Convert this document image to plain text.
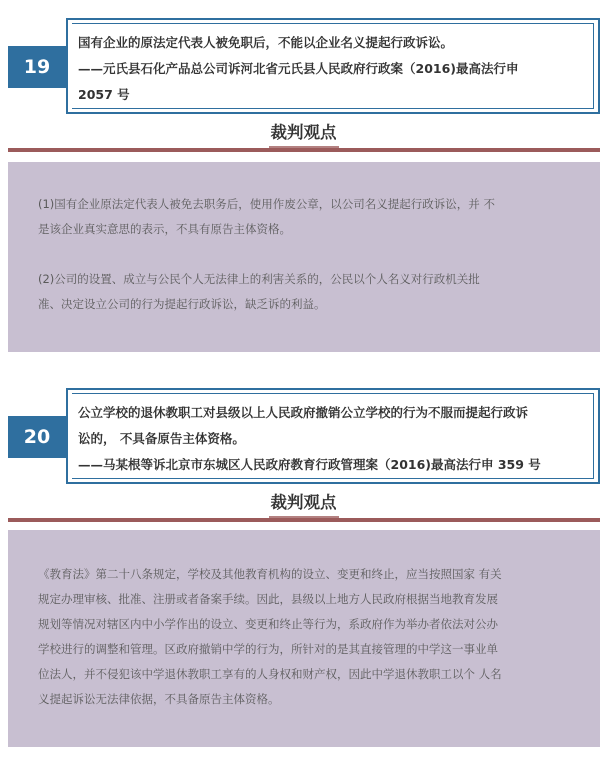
国有企业的原法定代表人被免职后，不能以企业名义提起行政诉讼。

——元氏县石化产品总公司诉河北省元氏县人民政府行政案（2016)最高法行申

2057 号

19
裁判观点

(1)国有企业原法定代表人被免去职务后，使用作废公章，以公司名义提起行政诉讼，并 不

是该企业真实意思的表示，不具有原告主体资格。

(2)公司的设置、成立与公民个人无法律上的利害关系的，公民以个人名义对行政机关批

准、决定设立公司的行为提起行政诉讼，缺乏诉的利益。

公立学校的退休教职工对县级以上人民政府撤销公立学校的行为不服而提起行政诉

讼的， 不具备原告主体资格。

——马某根等诉北京市东城区人民政府教育行政管理案（2016)最高法行申 359 号

20
裁判观点

《教育法》第二十八条规定，学校及其他教育机构的设立、变更和终止，应当按照国家 有关

规定办理审核、批准、注册或者备案手续。因此，县级以上地方人民政府根据当地教育发展

规划等情况对辖区内中小学作出的设立、变更和终止等行为，系政府作为举办者依法对公办

学校进行的调整和管理。区政府撤销中学的行为，所针对的是其直接管理的中学这一事业单

位法人，并不侵犯该中学退休教职工享有的人身权和财产权，因此中学退休教职工以个 人名

义提起诉讼无法律依据，不具备原告主体资格。
